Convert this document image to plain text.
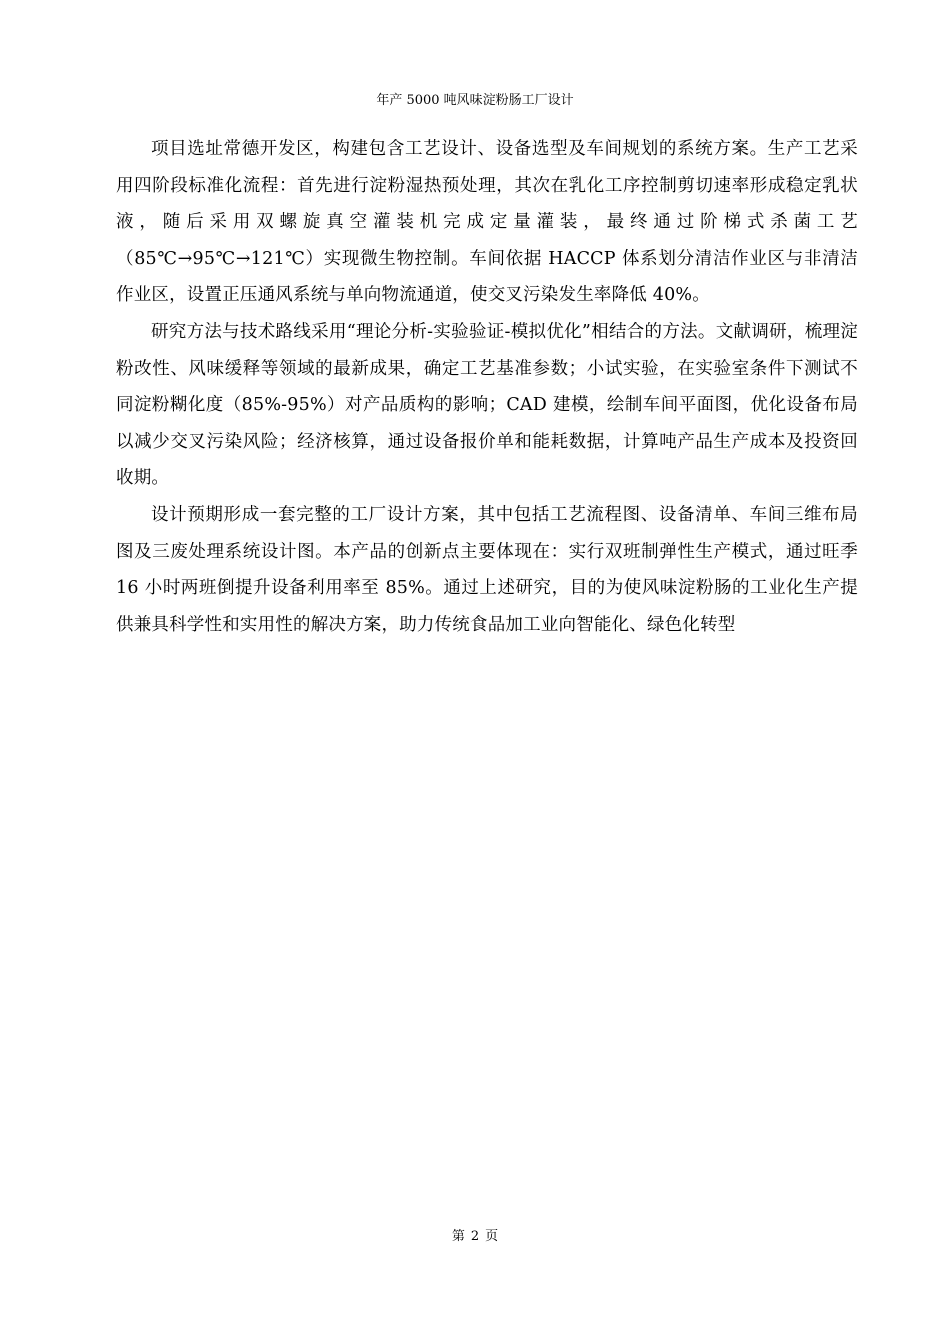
年产 5000 吨风味淀粉肠工厂设计

项目选址常德开发区，构建包含工艺设计、设备选型及车间规划的系统方案。生产工艺采用四阶段标准化流程：首先进行淀粉湿热预处理，其次在乳化工序控制剪切速率形成稳定乳状液，随后采用双螺旋真空灌装机完成定量灌装，最终通过阶梯式杀菌工艺（85℃→95℃→121℃）实现微生物控制。车间依据 HACCP 体系划分清洁作业区与非清洁作业区，设置正压通风系统与单向物流通道，使交叉污染发生率降低 40%。

研究方法与技术路线采用“理论分析-实验验证-模拟优化”相结合的方法。文献调研，梳理淀粉改性、风味缓释等领域的最新成果，确定工艺基准参数；小试实验，在实验室条件下测试不同淀粉糊化度（85%-95%）对产品质构的影响；CAD 建模，绘制车间平面图，优化设备布局以减少交叉污染风险；经济核算，通过设备报价单和能耗数据，计算吨产品生产成本及投资回收期。

设计预期形成一套完整的工厂设计方案，其中包括工艺流程图、设备清单、车间三维布局图及三废处理系统设计图。本产品的创新点主要体现在：实行双班制弹性生产模式，通过旺季 16 小时两班倒提升设备利用率至 85%。通过上述研究，目的为使风味淀粉肠的工业化生产提供兼具科学性和实用性的解决方案，助力传统食品加工业向智能化、绿色化转型

第 2 页
